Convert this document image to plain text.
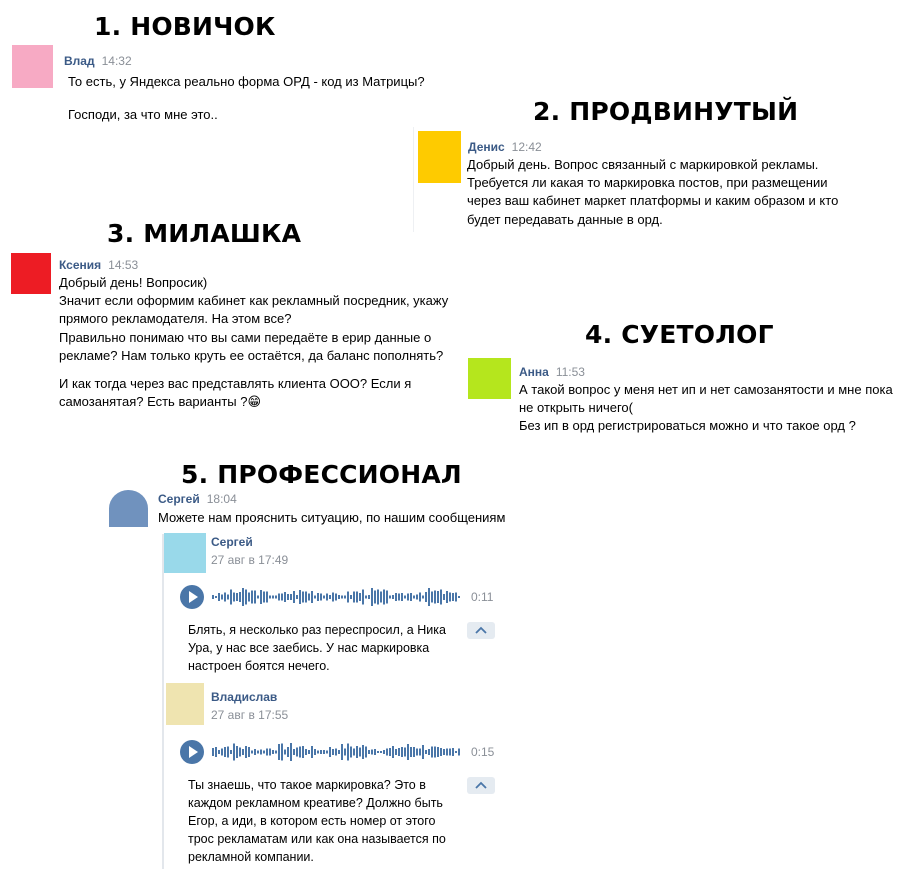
1. НОВИЧОК
Влад 14:32

То есть, у Яндекса реально форма ОРД - код из Матрицы?

Господи, за что мне это..	2. ПРОДВИНУТЫЙ
Денис 12:42

Добрый день. Вопрос связанный с маркировкой рекламы. Требуется ли какая то маркировка постов, при размещении через ваш кабинет маркет платформы и каким образом и кто будет передавать данные в орд.

3. МИЛАШКА
Ксения 14:53

Добрый день! Вопросик)

Значит если оформим кабинет как рекламный посредник, укажу прямого рекламодателя. На этом все?

Правильно понимаю что вы сами передаёте в ерир данные о рекламе? Нам только круть ее остаётся, да баланс пополнять?

И как тогда через вас представлять клиента ООО? Если я самозанятая? Есть варианты ?😁

4. СУЕТОЛОГ
Анна 11:53

А такой вопрос у меня нет ип и нет самозанятости и мне пока не открыть ничего(

Без ип в орд регистрироваться можно и что такое орд ?

5. ПРОФЕССИОНАЛ
Сергей 18:04

Можете нам прояснить ситуацию, по нашим сообщениям

Сергей
27 авг в 17:49
0:11
Блять, я несколько раз переспросил, а Ника Ура, у нас все заебись. У нас маркировка настроен боятся нечего.
Владислав
27 авг в 17:55
0:15
Ты знаешь, что такое маркировка? Это в каждом рекламном креативе? Должно быть Егор, а иди, в котором есть номер от этого трос рекламатам или как она называется по рекламной компании.
